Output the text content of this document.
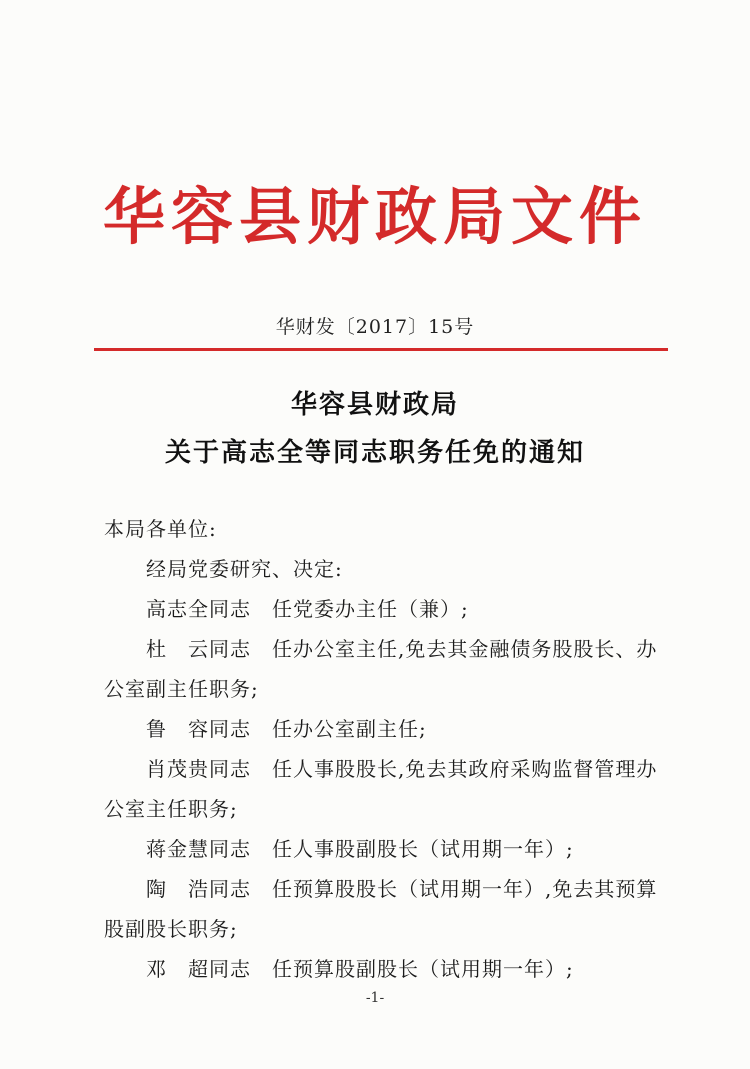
华容县财政局文件
华财发〔2017〕15号
华容县财政局
关于高志全等同志职务任免的通知
本局各单位:
经局党委研究、决定:
高志全同志　任党委办主任（兼）;
杜　云同志　任办公室主任,免去其金融债务股股长、办
公室副主任职务;
鲁　容同志　任办公室副主任;
肖茂贵同志　任人事股股长,免去其政府采购监督管理办
公室主任职务;
蒋金慧同志　任人事股副股长（试用期一年）;
陶　浩同志　任预算股股长（试用期一年）,免去其预算
股副股长职务;
邓　超同志　任预算股副股长（试用期一年）;
-1-
